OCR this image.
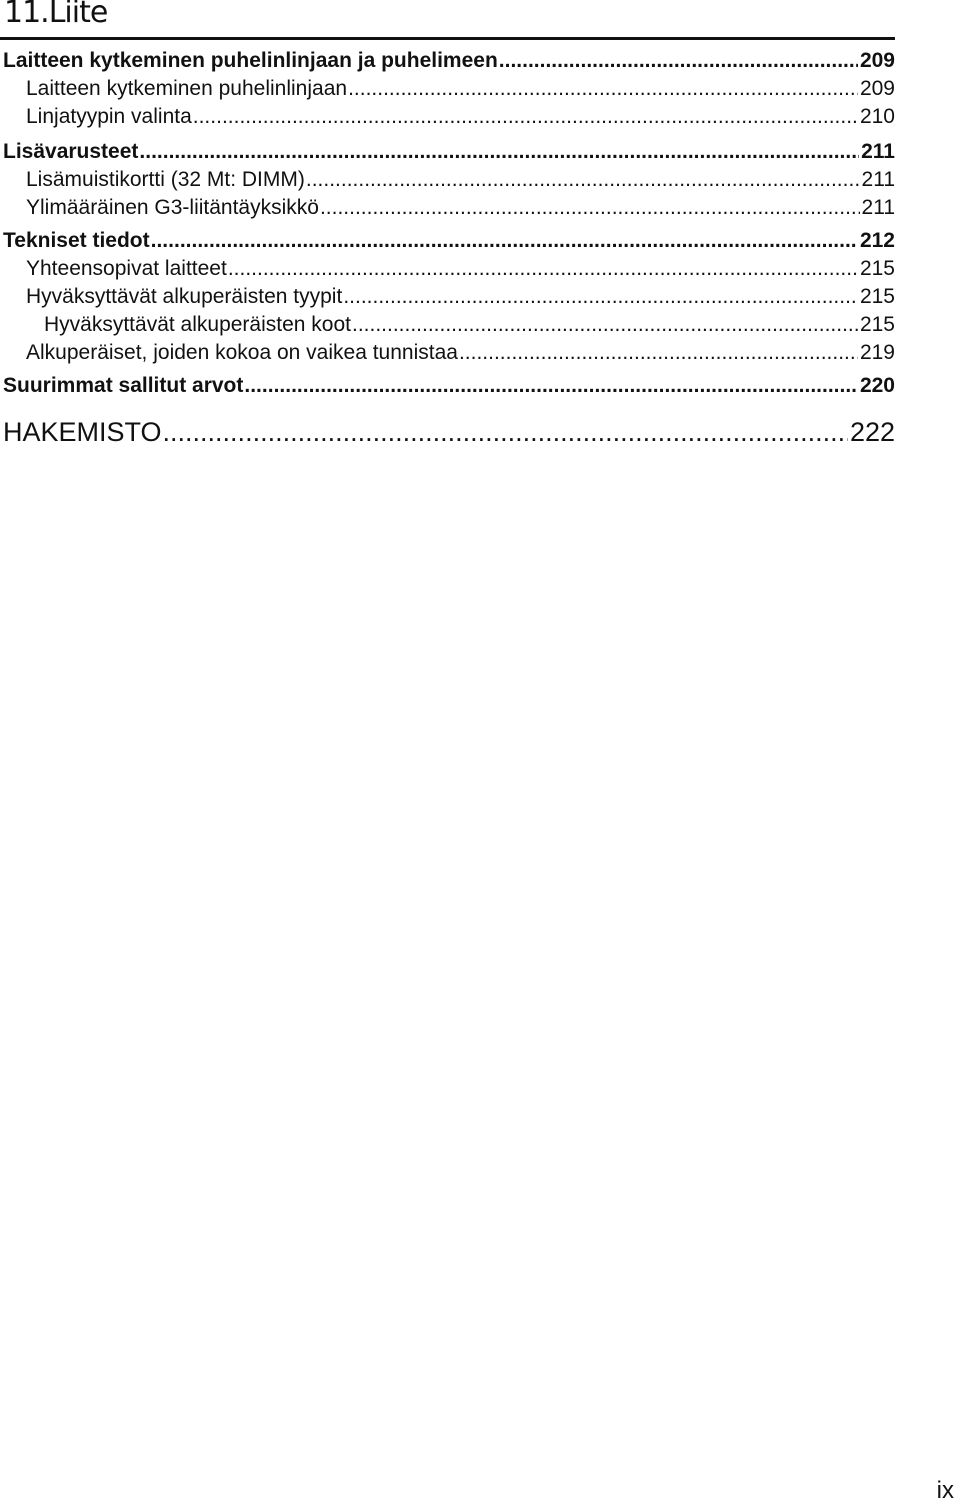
11.Liite
Laitteen kytkeminen puhelinlinjaan ja puhelimeen .....	209
Laitteen kytkeminen puhelinlinjaan .....	209
Linjatyypin valinta .....	210
Lisävarusteet .....	211
Lisämuistikortti (32 Mt: DIMM) .....	211
Ylimääräinen G3-liitäntäyksikkö .....	211
Tekniset tiedot .....	212
Yhteensopivat laitteet .....	215
Hyväksyttävät alkuperäisten tyypit .....	215
Hyväksyttävät alkuperäisten koot .....	215
Alkuperäiset, joiden kokoa on vaikea tunnistaa .....	219
Suurimmat sallitut arvot .....	220
HAKEMISTO .....	222
ix
